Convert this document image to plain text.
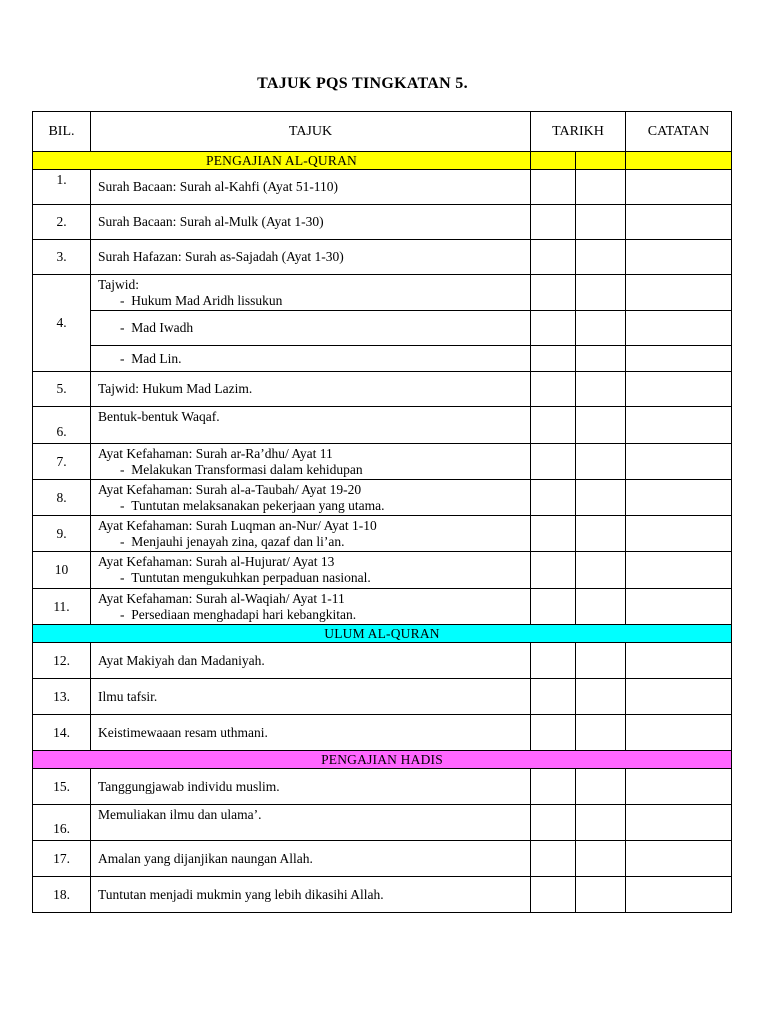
TAJUK PQS TINGKATAN 5.
BIL.	TAJUK	TARIKH		CATATAN
PENGAJIAN AL-QURAN				
1.	Surah Bacaan: Surah al-Kahfi (Ayat 51-110)			
2.	Surah Bacaan: Surah al-Mulk (Ayat 1-30)			
3.	Surah Hafazan: Surah as-Sajadah (Ayat 1-30)			
4.	Tajwid:
- Hukum Mad Aridh lissukun			

	- Mad Iwadh			

	- Mad Lin.			

5.	Tajwid: Hukum Mad Lazim.			
6.	Bentuk-bentuk Waqaf.			
7.	Ayat Kefahaman: Surah ar-Ra’dhu/ Ayat 11
- Melakukan Transformasi dalam kehidupan			

8.	Ayat Kefahaman: Surah al-a-Taubah/ Ayat 19-20
- Tuntutan melaksanakan pekerjaan yang utama.			

9.	Ayat Kefahaman: Surah Luqman an-Nur/ Ayat 1-10
- Menjauhi jenayah zina, qazaf dan li’an.			

10	Ayat Kefahaman: Surah al-Hujurat/ Ayat 13
- Tuntutan mengukuhkan perpaduan nasional.			

11.	Ayat Kefahaman: Surah al-Waqiah/ Ayat 1-11
- Persediaan menghadapi hari kebangkitan.			

ULUM AL-QURAN				
12.	Ayat Makiyah dan Madaniyah.			
13.	Ilmu tafsir.			
14.	Keistimewaaan resam uthmani.			
PENGAJIAN HADIS				
15.	Tanggungjawab individu muslim.			
16.	Memuliakan ilmu dan ulama’.			
17.	Amalan yang dijanjikan naungan Allah.			
18.	Tuntutan menjadi mukmin yang lebih dikasihi Allah.			
